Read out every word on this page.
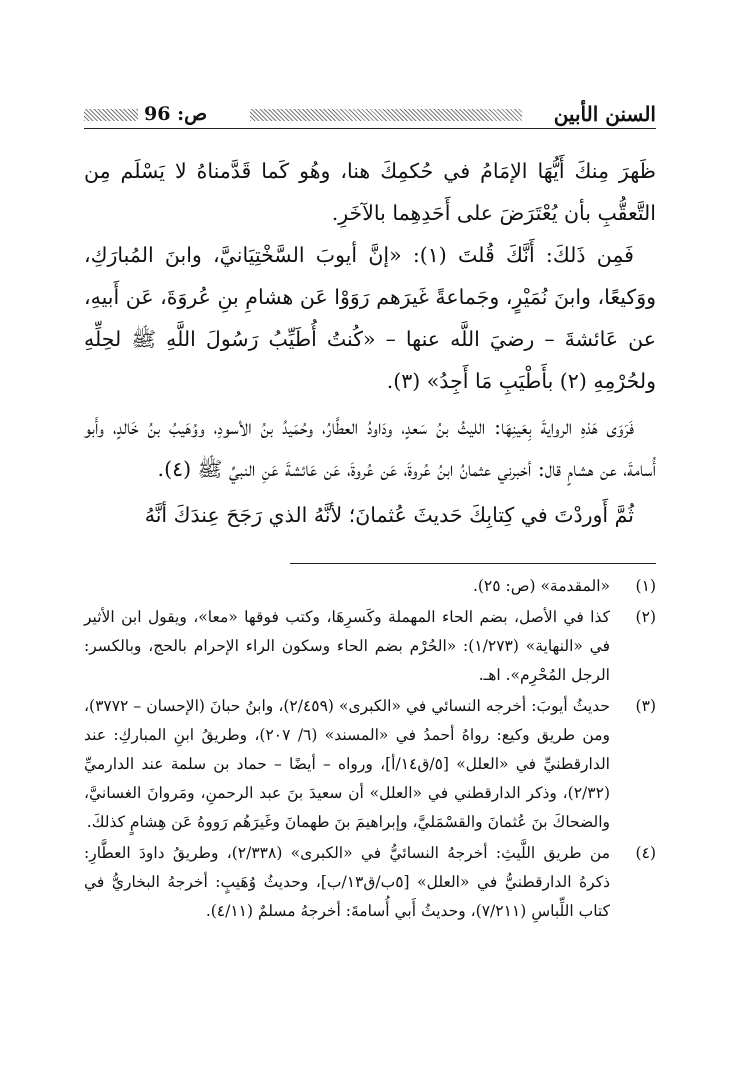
السنن الأبين
ص: 96

ظَهرَ مِنكَ أَيُّهَا الإمَامُ في حُكمِكَ هنا، وهُو كَما قَدَّمناهُ لا يَسْلَم مِن التَّعقُّبِ بأن يُعْتَرَضَ على أَحَدِهِما بالآخَرِ.

فَمِن ذَلكَ: أَنَّكَ قُلتَ (١): «إنَّ أيوبَ السَّخْتِيَانيَّ، وابنَ المُبارَكِ، ووَكيعًا، وابنَ نُمَيْرٍ، وجَماعةً غَيرَهم رَوَوْا عَن هشامِ بنِ عُروَةَ، عَن أَبيهِ، عن عَائشةَ – رضيَ اللَّه عنها – «كُنتُ أُطَيِّبُ رَسُولَ اللَّهِ ﷺ لحِلِّهِ ولحُرْمِهِ (٢) بأَطْيَبِ مَا أَجِدُ» (٣).

فَرَوَى هَذهِ الروايةَ بِعَينِهَا: الليثُ بنُ سَعدٍ، ودَاودُ العطَّارُ، وحُمَيدُ بنُ الأسودِ، ووُهَيبُ بنُ خَالدٍ، وأَبو أُسامةَ، عن هشامٍ قال: أخبرني عثمانُ ابنُ عُروةَ، عَن عُروةَ، عَن عَائشةَ عَنِ النبيِّ ﷺ (٤).

ثُمَّ أَوردْتَ في كِتابِكَ حَديثَ عُثمانَ؛ لأنَّهُ الذي رَجَحَ عِندَكَ أنَّهُ

(١)
«المقدمة» (ص: ٢٥).

(٢)
كذا في الأصل، بضم الحاء المهملة وكَسرِهَا، وكتب فوقها «معا»، ويقول ابن الأثير في «النهاية» (١/٢٧٣): «الحُرْم بضم الحاء وسكون الراء الإحرام بالحج، وبالكسر: الرجل المُحْرِم». اهـ.

(٣)
حديثُ أيوبَ: أخرجه النسائي في «الكبرى» (٢/٤٥٩)، وابنُ حبانَ (الإحسان – ٣٧٧٢)، ومن طريق وكيع: رواهُ أحمدُ في «المسند» (٦/ ٢٠٧)، وطريقُ ابنِ المباركِ: عند الدارقطنيِّ في «العلل» [٥/ق١٤/أ]، ورواه – أيضًا – حماد بن سلمة عند الدارميِّ (٢/٣٢)، وذكر الدارقطني في «العلل» أن سعيدَ بنَ عبد الرحمنِ، ومَروانَ الغسانيَّ، والضحاكَ بنَ عُثمانَ والقسْمَليَّ، وإبراهيمَ بنَ طهمانَ وغَيرَهُم رَووهُ عَن هِشامٍ كذلكَ.

(٤)
من طريق اللَّيثِ: أخرجهُ النسائيُّ في «الكبرى» (٢/٣٣٨)، وطريقُ داودَ العطَّارِ: ذكرهُ الدارقطنيُّ في «العلل» [٥ب/ق١٣/ب]، وحديثُ وُهَيبٍ: أخرجهُ البخاريُّ في كتاب اللِّباسِ (٧/٢١١)، وحديثُ أَبي أُسامةَ: أخرجهُ مسلمٌ (٤/١١).
